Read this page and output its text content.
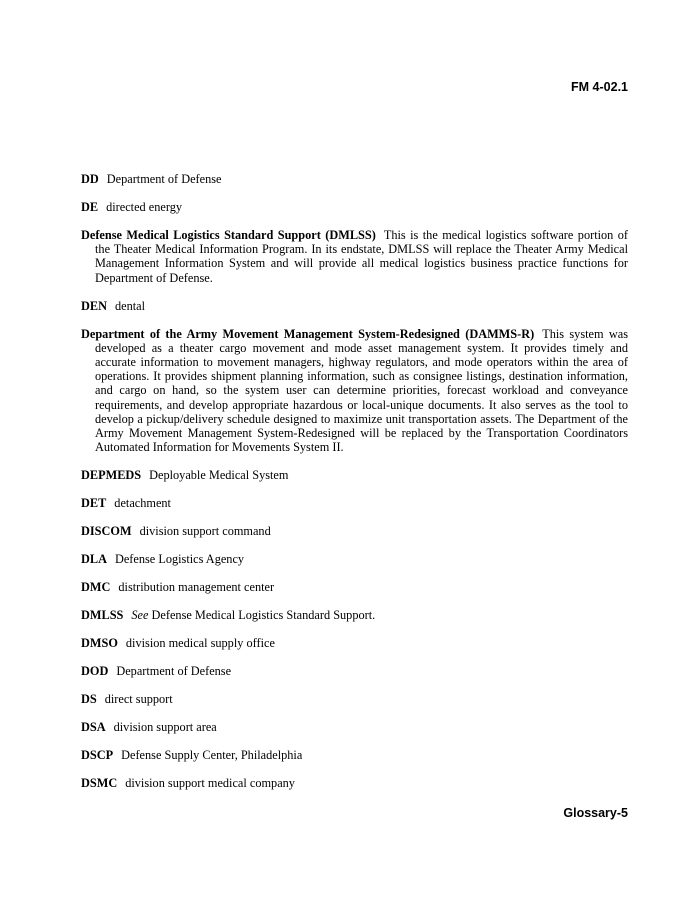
FM 4-02.1

DD Department of Defense

DE directed energy

Defense Medical Logistics Standard Support (DMLSS) This is the medical logistics software portion of the Theater Medical Information Program. In its endstate, DMLSS will replace the Theater Army Medical Management Information System and will provide all medical logistics business practice functions for Department of Defense.

DEN dental

Department of the Army Movement Management System-Redesigned (DAMMS-R) This system was developed as a theater cargo movement and mode asset management system. It provides timely and accurate information to movement managers, highway regulators, and mode operators within the area of operations. It provides shipment planning information, such as consignee listings, destination information, and cargo on hand, so the system user can determine priorities, forecast workload and conveyance requirements, and develop appropriate hazardous or local-unique documents. It also serves as the tool to develop a pickup/delivery schedule designed to maximize unit transportation assets. The Department of the Army Movement Management System-Redesigned will be replaced by the Transportation Coordinators Automated Information for Movements System II.

DEPMEDS Deployable Medical System

DET detachment

DISCOM division support command

DLA Defense Logistics Agency

DMC distribution management center

DMLSS See Defense Medical Logistics Standard Support.

DMSO division medical supply office

DOD Department of Defense

DS direct support

DSA division support area

DSCP Defense Supply Center, Philadelphia

DSMC division support medical company

Glossary-5
